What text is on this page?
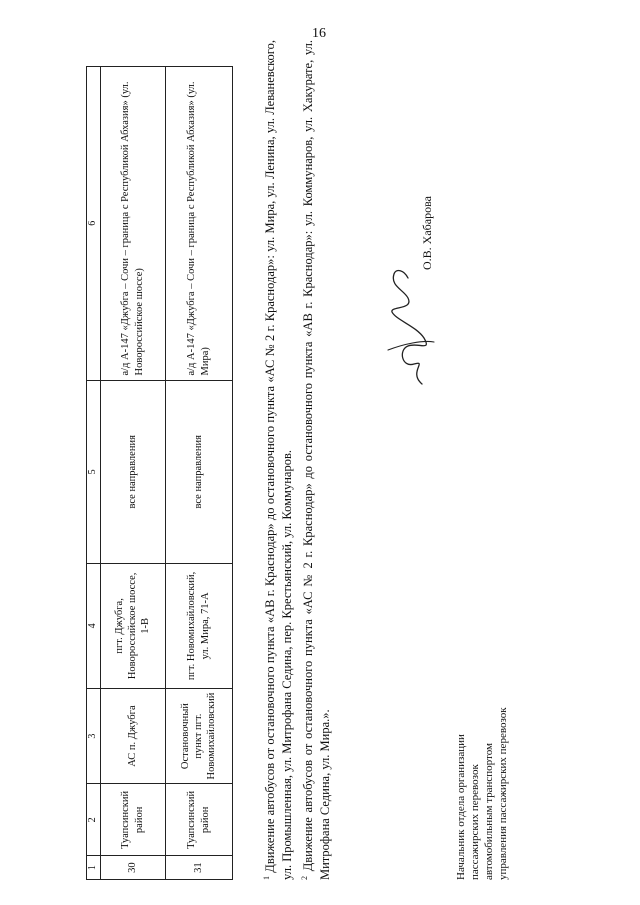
16
1	2	3	4	5	6
30	Туапсинский район	АС п. Джубга	пгт. Джубга, Новороссийское шоссе, 1-В	все направления	а/д А-147 «Джубга – Сочи – граница с Республикой Абхазия» (ул. Новороссийское шоссе)
31	Туапсинский район	Остановочный пункт пгт. Новомихайловский	пгт. Новомихайловский, ул. Мира, 71-А	все направления	а/д А-147 «Джубга – Сочи – граница с Республикой Абхазия» (ул. Мира)

$^1$ Движение автобусов от остановочного пункта «АВ г. Краснодар» до остановочного пункта «АС № 2 г. Краснодар»: ул. Мира, ул. Ленина, ул. Леваневского, ул. Промышленная, ул. Митрофана Седина, пер. Крестьянский, ул. Коммунаров. $^2$ Движение автобусов от остановочного пункта «АС № 2 г. Краснодар» до остановочного пункта «АВ г. Краснодар»: ул. Коммунаров, ул. Хакурате, ул. Митрофана Седина, ул. Мира.».	Начальник отдела организации пассажирских перевозок автомобильным транспортом управления пассажирских перевозок
О.В. Хабарова
